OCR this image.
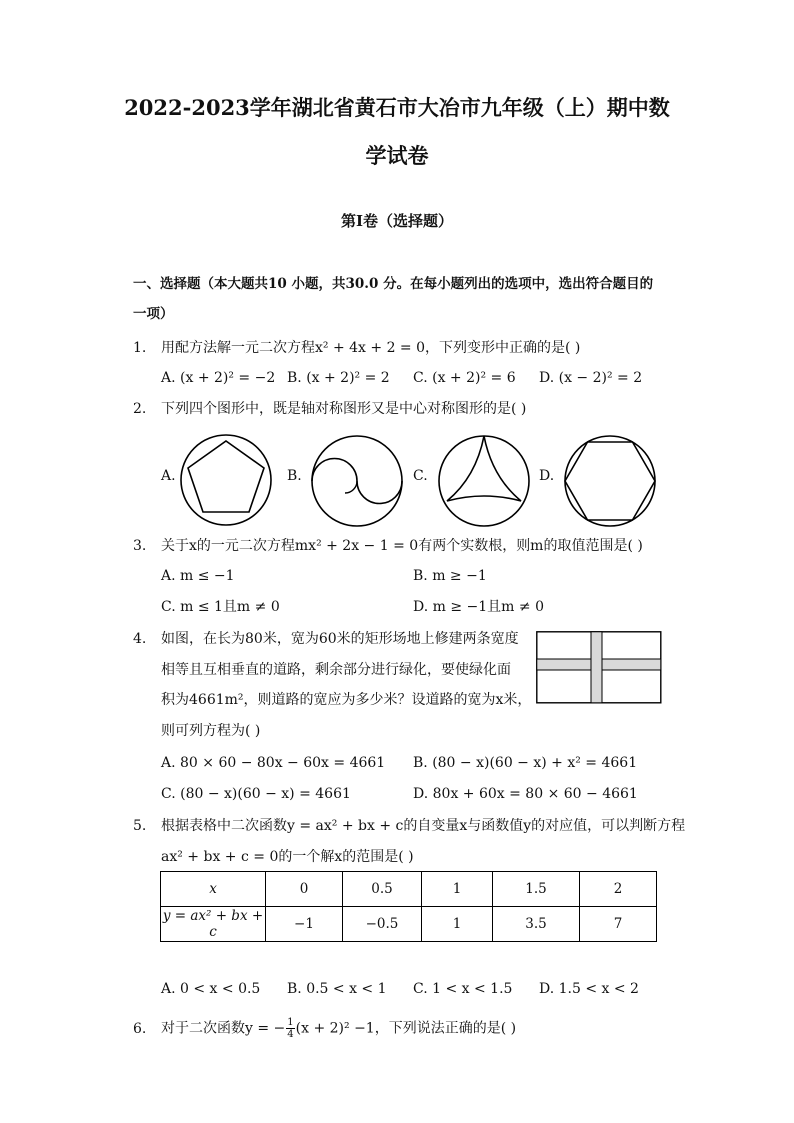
2022-2023学年湖北省黄石市大冶市九年级（上）期中数
学试卷
第I卷（选择题）
一、选择题（本大题共10 小题，共30.0 分。在每小题列出的选项中，选出符合题目的
一项）
1. 用配方法解一元二次方程x² + 4x + 2 = 0，下列变形中正确的是( )
A. (x + 2)² = −2 B. (x + 2)² = 2 C. (x + 2)² = 6 D. (x − 2)² = 2
2. 下列四个图形中，既是轴对称图形又是中心对称图形的是( )
A.	B.	C.	D.
3. 关于x的一元二次方程mx² + 2x − 1 = 0有两个实数根，则m的取值范围是( )
A. m ≤ −1	B. m ≥ −1
C. m ≤ 1且m ≠ 0	D. m ≥ −1且m ≠ 0
4. 如图，在长为80米，宽为60米的矩形场地上修建两条宽度
相等且互相垂直的道路，剩余部分进行绿化，要使绿化面
积为4661m²，则道路的宽应为多少米？设道路的宽为x米，
则可列方程为( )
A. 80 × 60 − 80x − 60x = 4661 B. (80 − x)(60 − x) + x² = 4661
C. (80 − x)(60 − x) = 4661	D. 80x + 60x = 80 × 60 − 4661
5. 根据表格中二次函数y = ax² + bx + c的自变量x与函数值y的对应值，可以判断方程
ax² + bx + c = 0的一个解x的范围是( )
x	0	0.5	1	1.5	2
y = ax² + bx + c	−1	−0.5	1	3.5	7
A. 0 < x < 0.5 B. 0.5 < x < 1 C. 1 < x < 1.5 D. 1.5 < x < 2
6. 对于二次函数y = − $\frac{1}{4} (x + 2)^2 -1$，下列说法正确的是( )
